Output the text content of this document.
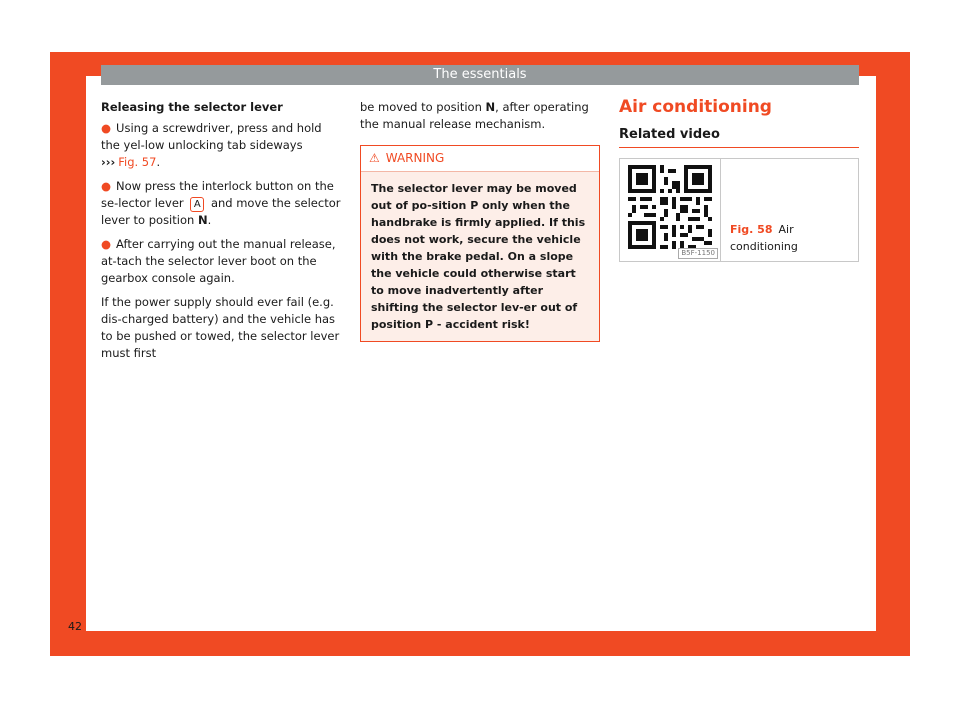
The essentials
Releasing the selector lever

● Using a screwdriver, press and hold the yel-low unlocking tab sideways ››› Fig. 57.

● Now press the interlock button on the se-lector lever A and move the selector lever to position N.

● After carrying out the manual release, at-tach the selector lever boot on the gearbox console again.

If the power supply should ever fail (e.g. dis-charged battery) and the vehicle has to be pushed or towed, the selector lever must first

be moved to position N, after operating the manual release mechanism.

⚠ WARNING
The selector lever may be moved out of po-sition P only when the handbrake is firmly applied. If this does not work, secure the vehicle with the brake pedal. On a slope the vehicle could otherwise start to move inadvertently after shifting the selector lev-er out of position P - accident risk!
Air conditioning
Related video
B5F-1150
Fig. 58 Air conditioning
42
